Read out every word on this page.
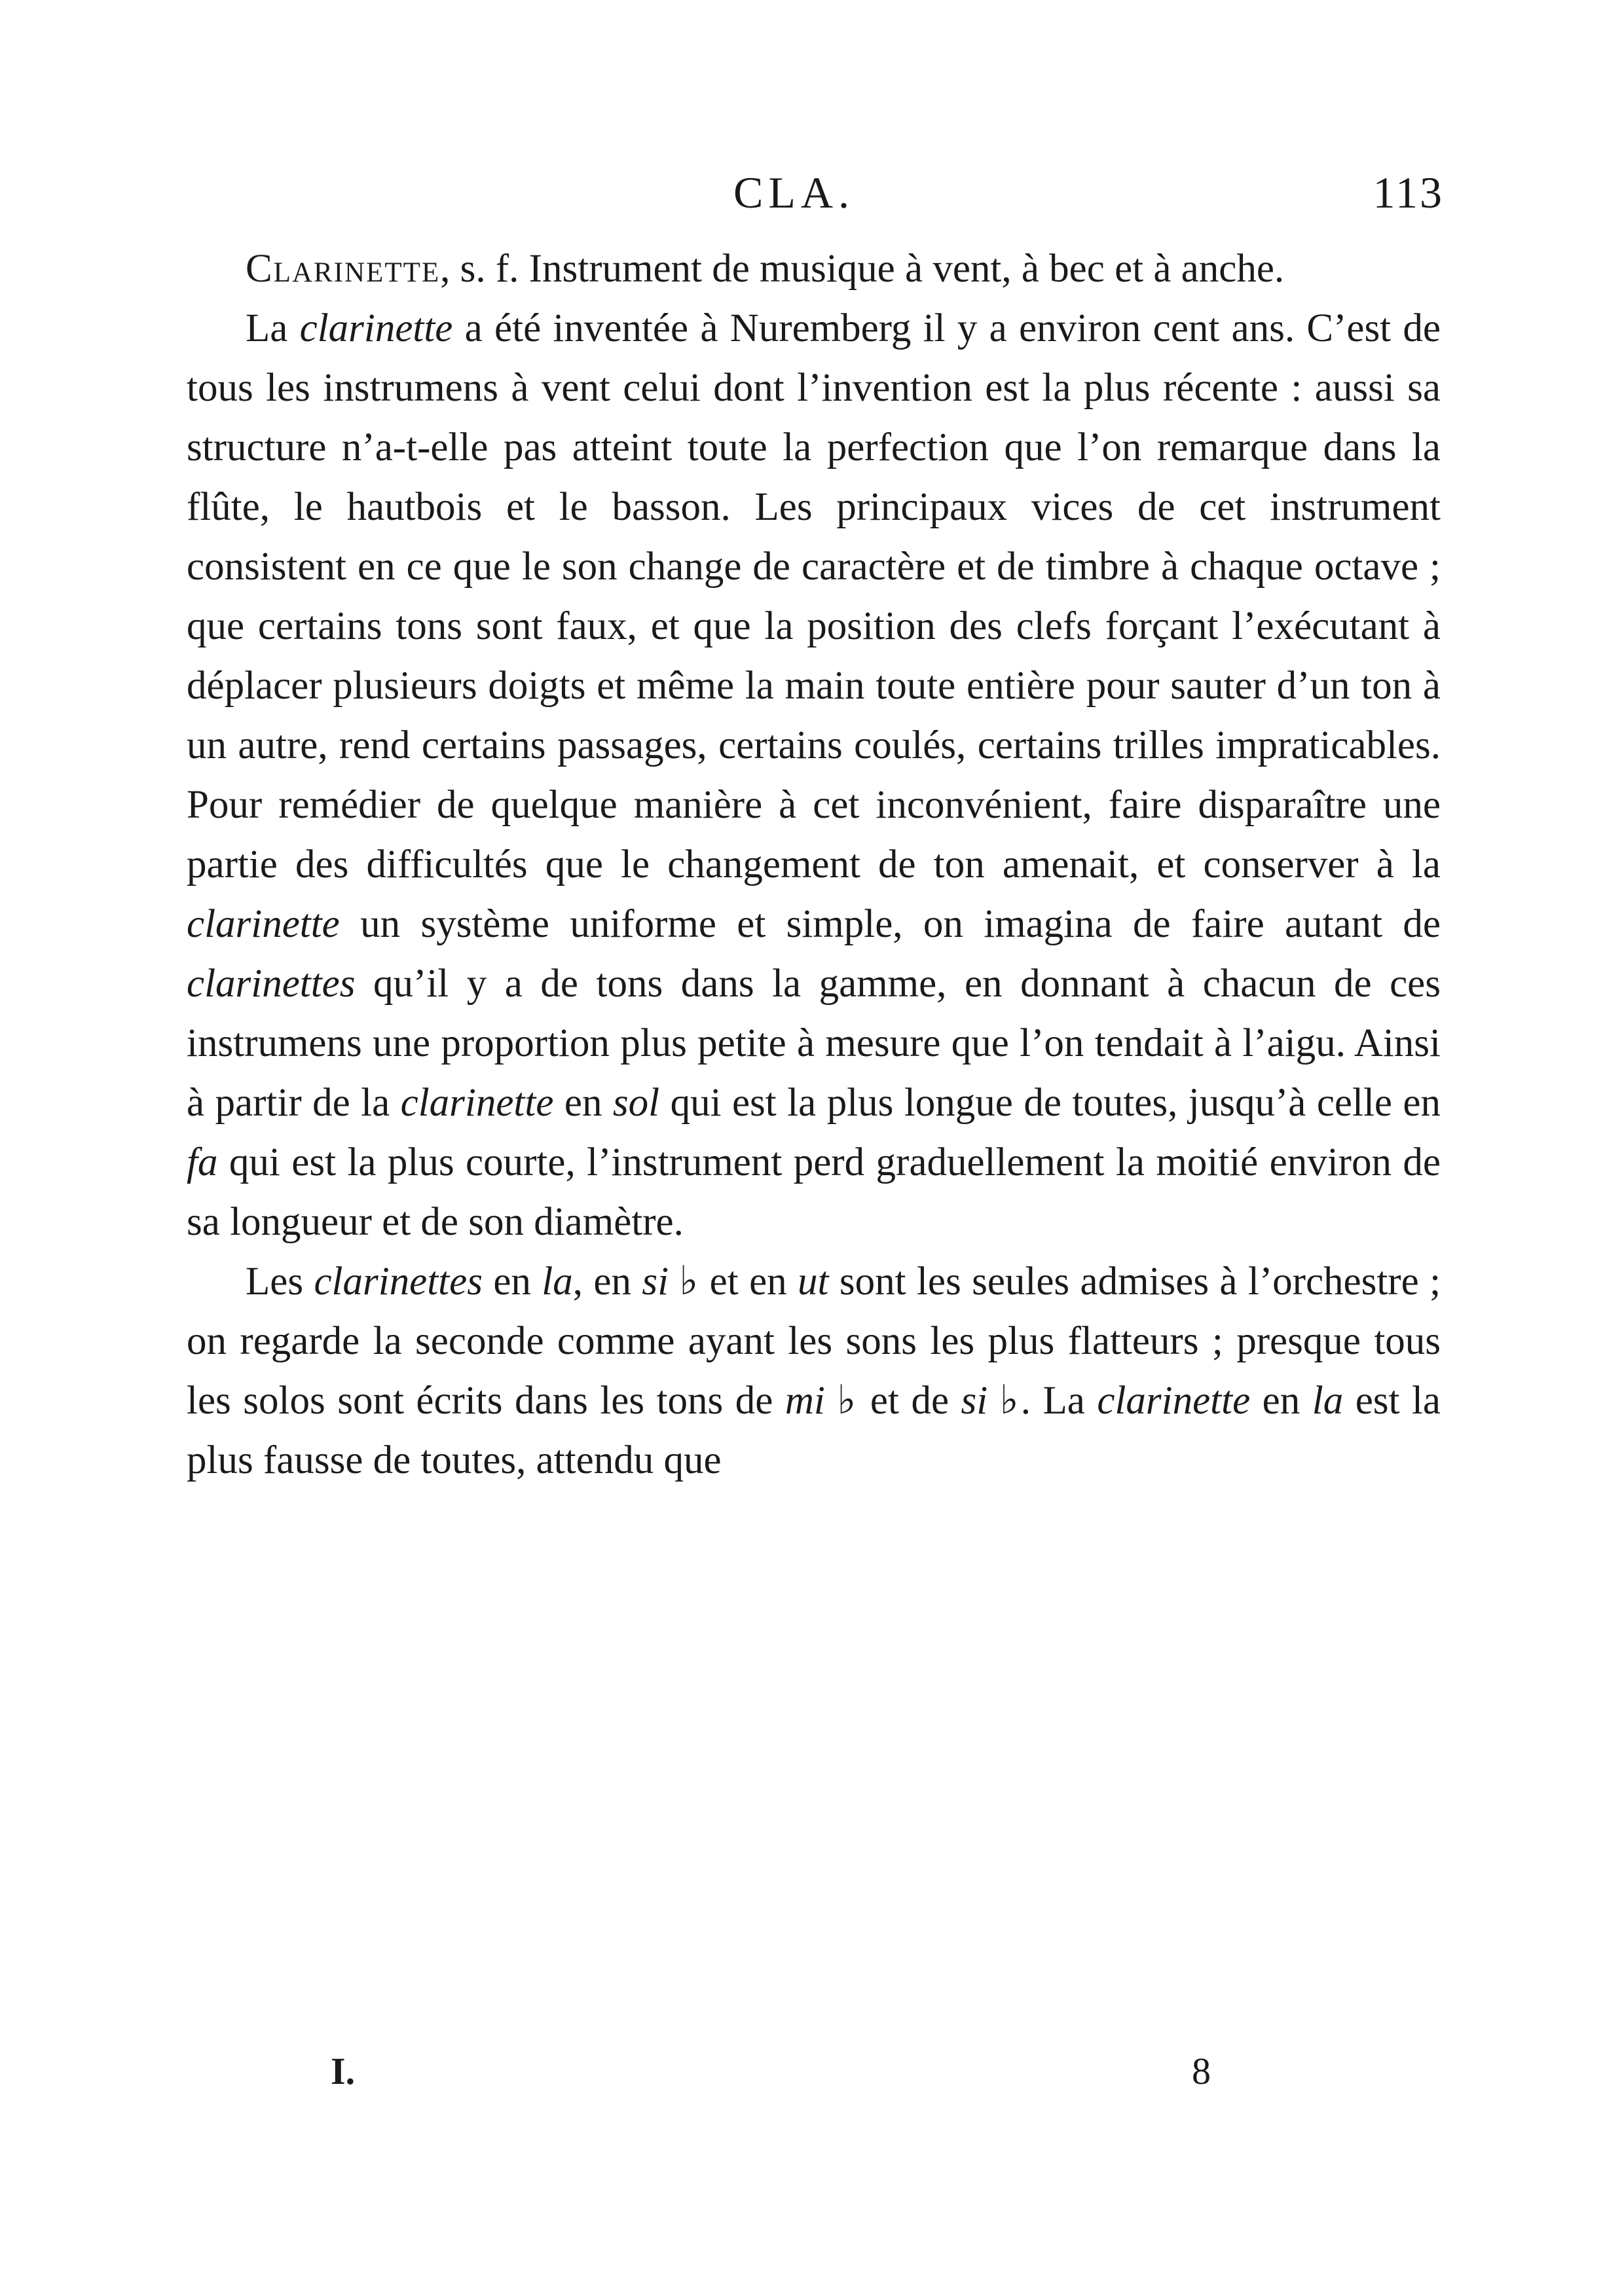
CLA.	113

Clarinette, s. f. Instrument de musique à vent, à bec et à anche.

La clarinette a été inventée à Nuremberg il y a environ cent ans. C’est de tous les instrumens à vent celui dont l’invention est la plus récente : aussi sa structure n’a-t-elle pas atteint toute la perfection que l’on remarque dans la flûte, le hautbois et le basson. Les principaux vices de cet instrument consistent en ce que le son change de caractère et de timbre à chaque octave ; que certains tons sont faux, et que la position des clefs forçant l’exécutant à déplacer plusieurs doigts et même la main toute entière pour sauter d’un ton à un autre, rend certains passages, certains coulés, certains trilles impraticables. Pour remédier de quelque manière à cet inconvénient, faire disparaître une partie des difficultés que le changement de ton amenait, et conserver à la clarinette un système uniforme et simple, on imagina de faire autant de clarinettes qu’il y a de tons dans la gamme, en donnant à chacun de ces instrumens une proportion plus petite à mesure que l’on tendait à l’aigu. Ainsi à partir de la clarinette en sol qui est la plus longue de toutes, jusqu’à celle en fa qui est la plus courte, l’instrument perd graduellement la moitié environ de sa longueur et de son diamètre.

Les clarinettes en la, en si ♭ et en ut sont les seules admises à l’orchestre ; on regarde la seconde comme ayant les sons les plus flatteurs ; presque tous les solos sont écrits dans les tons de mi ♭ et de si ♭. La clarinette en la est la plus fausse de toutes, attendu que

I.	8
